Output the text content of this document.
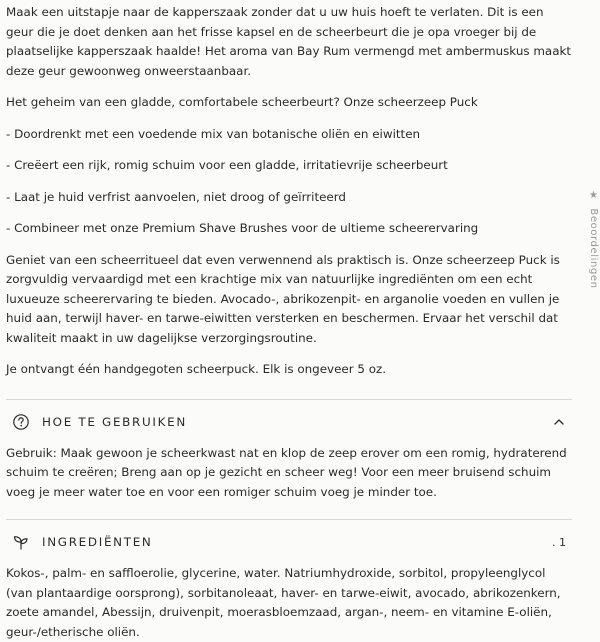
Maak een uitstapje naar de kapperszaak zonder dat u uw huis hoeft te verlaten. Dit is een geur die je doet denken aan het frisse kapsel en de scheerbeurt die je opa vroeger bij de plaatselijke kapperszaak haalde! Het aroma van Bay Rum vermengd met ambermuskus maakt deze geur gewoonweg onweerstaanbaar.

Het geheim van een gladde, comfortabele scheerbeurt? Onze scheerzeep Puck

- Doordrenkt met een voedende mix van botanische oliën en eiwitten

- Creëert een rijk, romig schuim voor een gladde, irritatievrije scheerbeurt

- Laat je huid verfrist aanvoelen, niet droog of geïrriteerd

- Combineer met onze Premium Shave Brushes voor de ultieme scheerervaring

Geniet van een scheerritueel dat even verwennend als praktisch is. Onze scheerzeep Puck is zorgvuldig vervaardigd met een krachtige mix van natuurlijke ingrediënten om een echt luxueuze scheerervaring te bieden. Avocado-, abrikozenpit- en arganolie voeden en vullen je huid aan, terwijl haver- en tarwe-eiwitten versterken en beschermen. Ervaar het verschil dat kwaliteit maakt in uw dagelijkse verzorgingsroutine.

Je ontvangt één handgegoten scheerpuck. Elk is ongeveer 5 oz.

HOE TE GEBRUIKEN

Gebruik: Maak gewoon je scheerkwast nat en klop de zeep erover om een romig, hydraterend schuim te creëren; Breng aan op je gezicht en scheer weg! Voor een meer bruisend schuim voeg je meer water toe en voor een romiger schuim voeg je minder toe.

INGREDIËNTEN	. 1

Kokos-, palm- en saffloerolie, glycerine, water. Natriumhydroxide, sorbitol, propyleenglycol (van plantaardige oorsprong), sorbitanoleaat, haver- en tarwe-eiwit, avocado, abrikozenkern, zoete amandel, Abessijn, druivenpit, moerasbloemzaad, argan-, neem- en vitamine E-oliën, geur-/etherische oliën.

★ Beoordelingen
